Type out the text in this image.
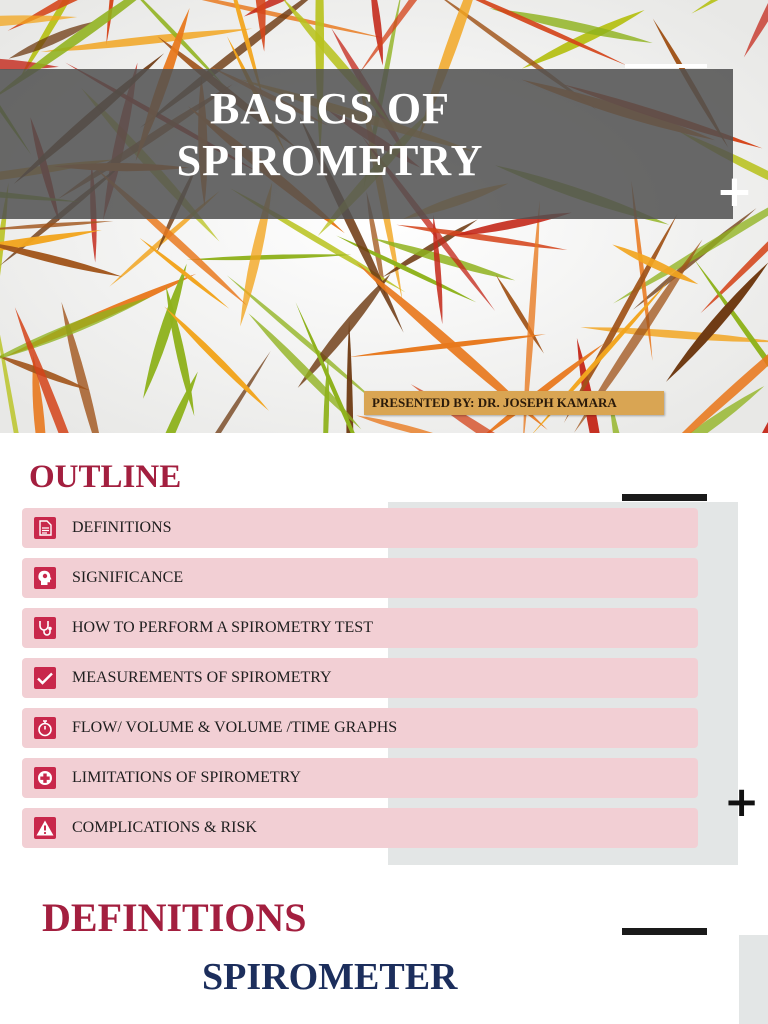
BASICS OF
SPIROMETRY
+
PRESENTED BY: DR. JOSEPH KAMARA
OUTLINE
+
DEFINITIONS
SIGNIFICANCE
HOW TO PERFORM A SPIROMETRY TEST
MEASUREMENTS OF SPIROMETRY
FLOW/ VOLUME & VOLUME /TIME GRAPHS
LIMITATIONS OF SPIROMETRY
COMPLICATIONS & RISK
DEFINITIONS
SPIROMETER
